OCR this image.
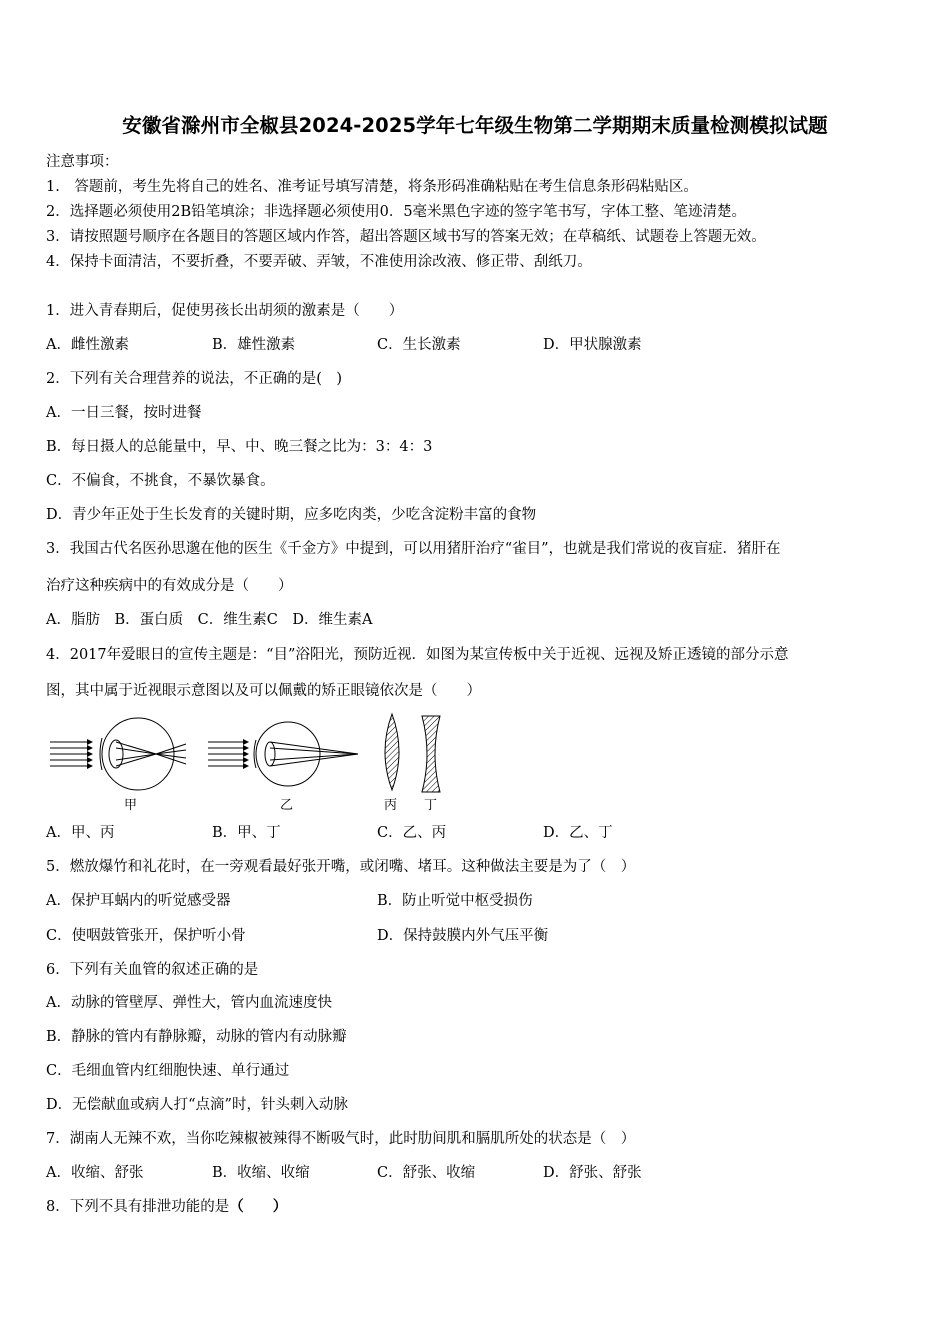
安徽省滁州市全椒县2024-2025学年七年级生物第二学期期末质量检测模拟试题
注意事项：
1.　答题前，考生先将自己的姓名、准考证号填写清楚，将条形码准确粘贴在考生信息条形码粘贴区。
2．选择题必须使用2B铅笔填涂；非选择题必须使用0．5毫米黑色字迹的签字笔书写，字体工整、笔迹清楚。
3．请按照题号顺序在各题目的答题区域内作答，超出答题区域书写的答案无效；在草稿纸、试题卷上答题无效。
4．保持卡面清洁，不要折叠，不要弄破、弄皱，不准使用涂改液、修正带、刮纸刀。
1．进入青春期后，促使男孩长出胡须的激素是（　　）
A．雌性激素	B．雄性激素	C．生长激素	D．甲状腺激素
2．下列有关合理营养的说法，不正确的是(　)
A．一日三餐，按时进餐
B．每日摄人的总能量中，早、中、晚三餐之比为：3：4：3
C．不偏食，不挑食，不暴饮暴食。
D．青少年正处于生长发育的关键时期，应多吃肉类，少吃含淀粉丰富的食物
3．我国古代名医孙思邈在他的医生《千金方》中提到，可以用猪肝治疗“雀目”，也就是我们常说的夜盲症．猪肝在
治疗这种疾病中的有效成分是（　　）
A．脂肪　B．蛋白质　C．维生素C　D．维生素A
4．2017年爱眼日的宣传主题是：“目”浴阳光，预防近视．如图为某宣传板中关于近视、远视及矫正透镜的部分示意
图，其中属于近视眼示意图以及可以佩戴的矫正眼镜依次是（　　）
甲	乙	丙 丁
A．甲、丙	B．甲、丁	C．乙、丙	D．乙、丁
5．燃放爆竹和礼花时，在一旁观看最好张开嘴，或闭嘴、堵耳。这种做法主要是为了（　）
A．保护耳蜗内的听觉感受器	B．防止听觉中枢受损伤
C．使咽鼓管张开，保护听小骨	D．保持鼓膜内外气压平衡
6．下列有关血管的叙述正确的是
A．动脉的管壁厚、弹性大，管内血流速度快
B．静脉的管内有静脉瓣，动脉的管内有动脉瓣
C．毛细血管内红细胞快速、单行通过
D．无偿献血或病人打“点滴”时，针头刺入动脉
7．湖南人无辣不欢，当你吃辣椒被辣得不断吸气时，此时肋间肌和膈肌所处的状态是（　）
A．收缩、舒张	B．收缩、收缩	C．舒张、收缩	D．舒张、舒张
8．下列不具有排泄功能的是（　　）
